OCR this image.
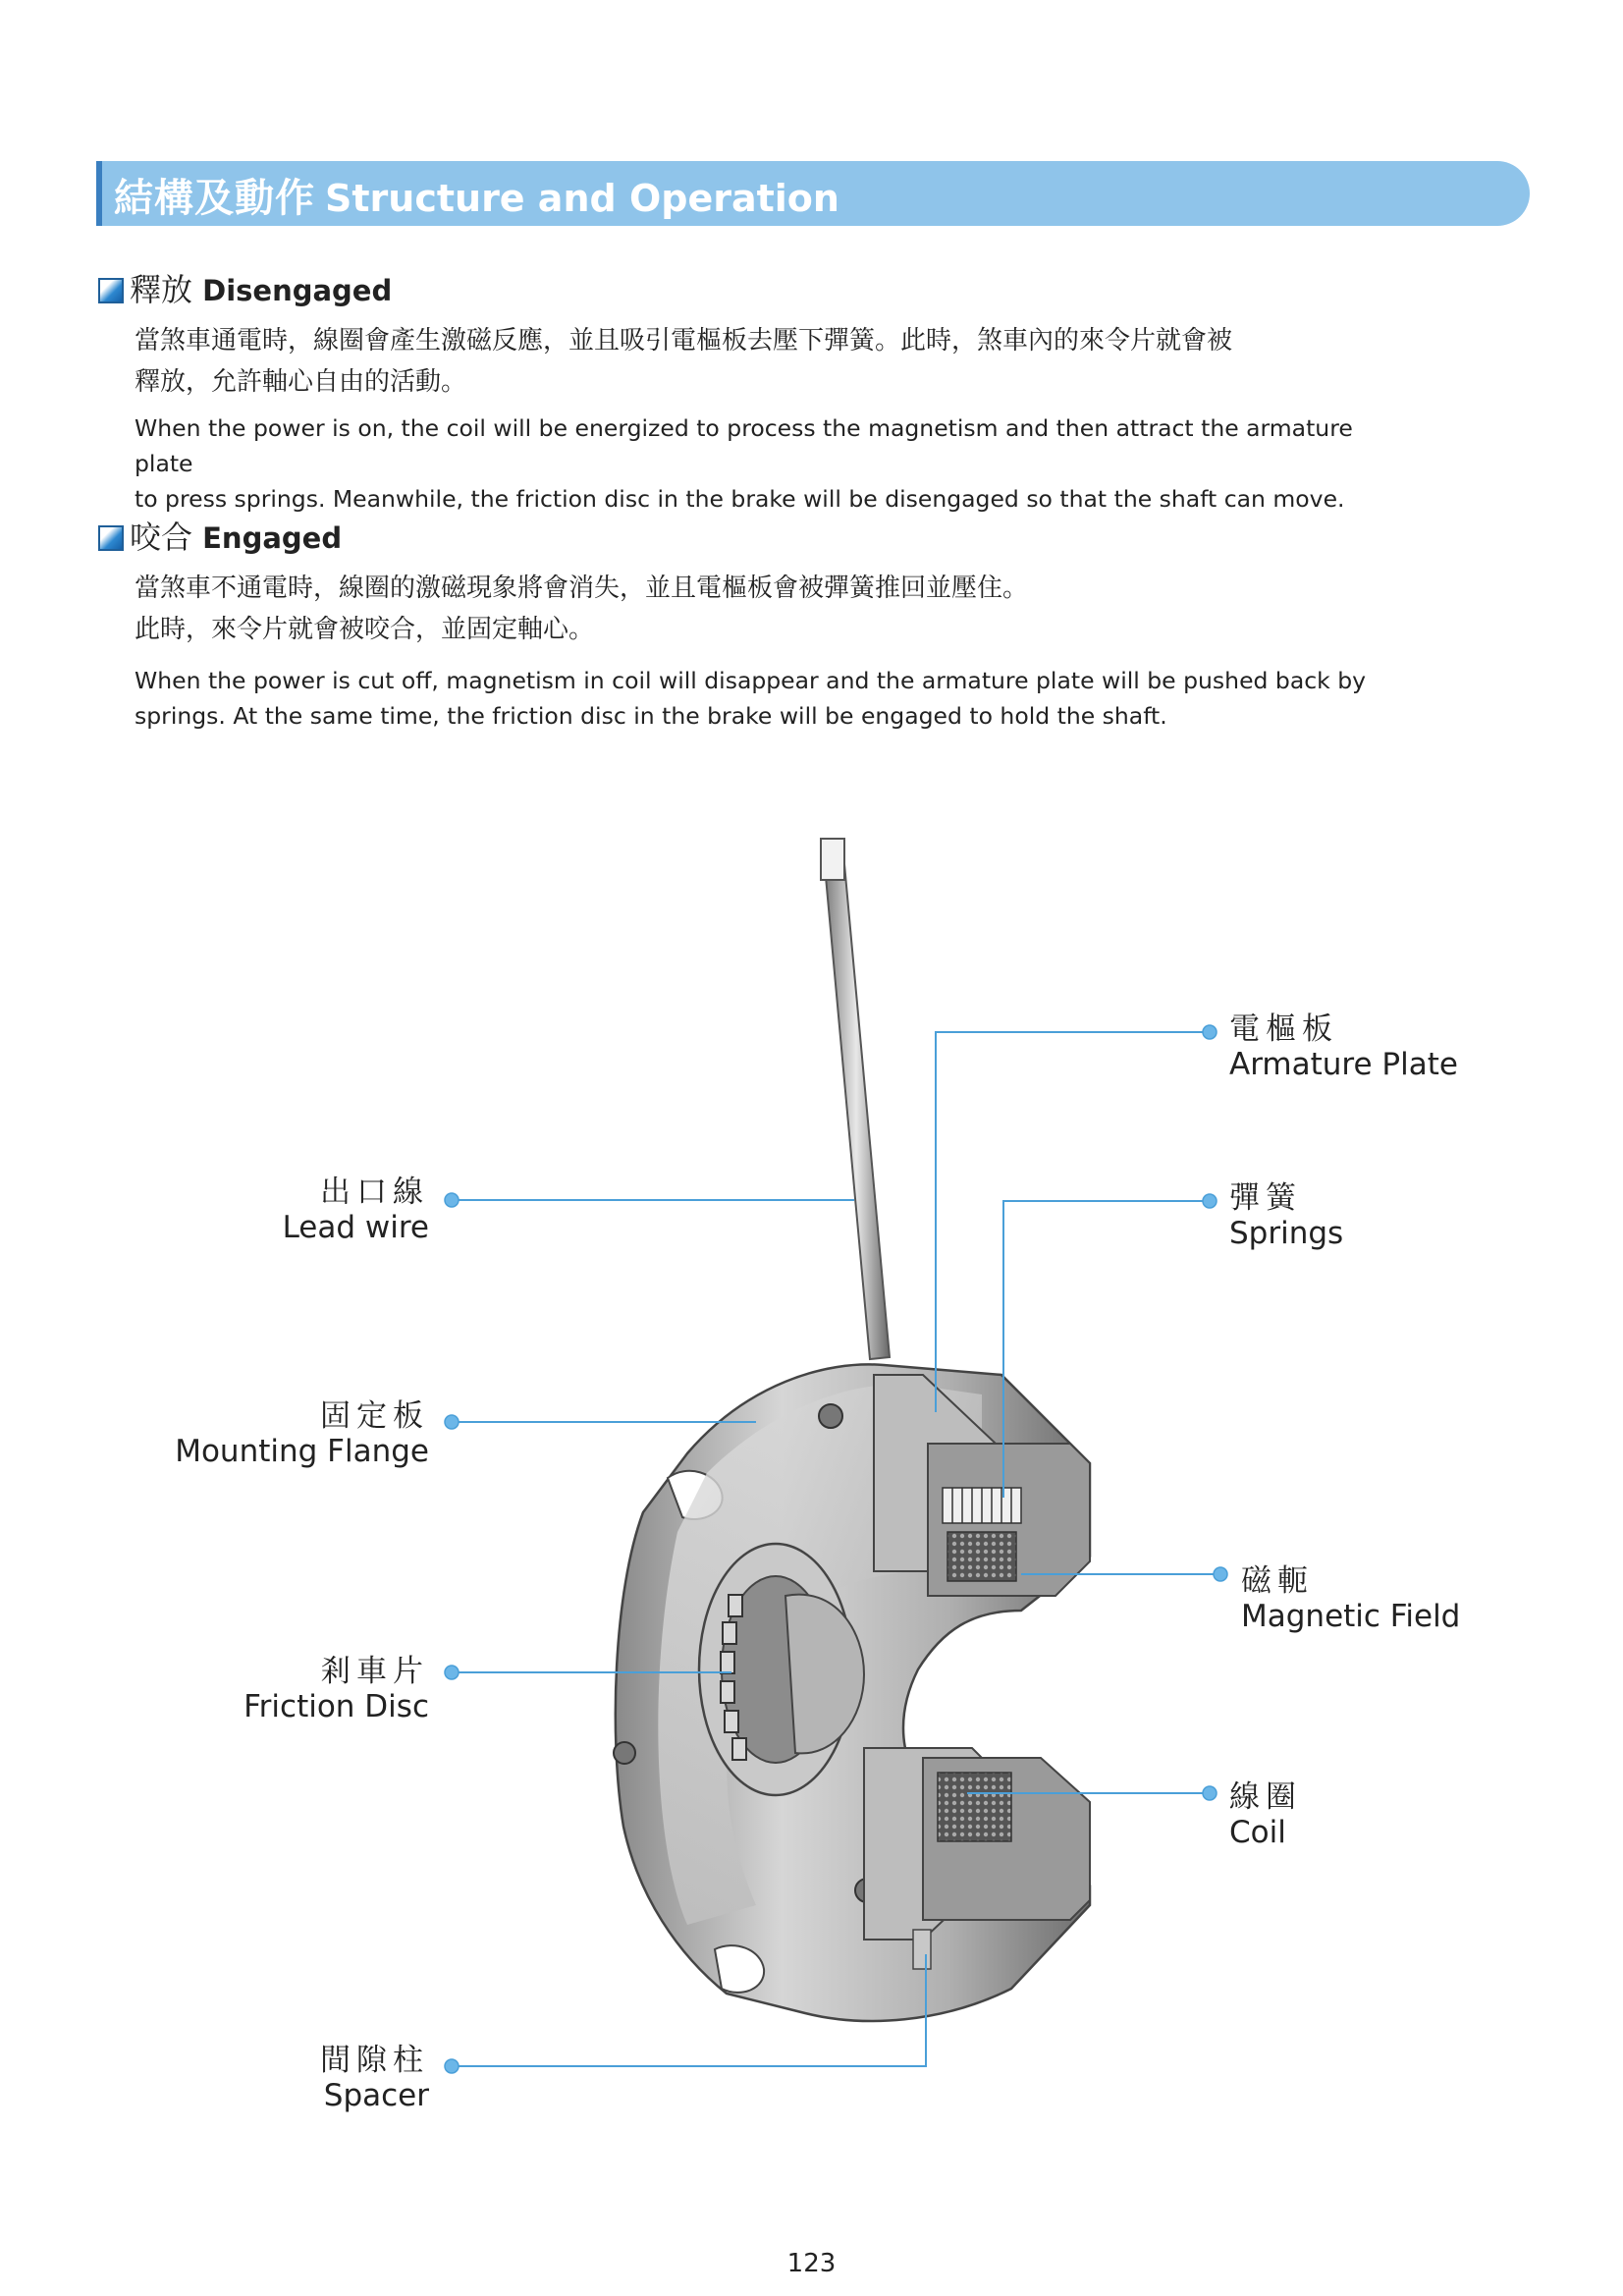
結構及動作 Structure and Operation
釋放 Disengaged
當煞車通電時，線圈會產生激磁反應，並且吸引電樞板去壓下彈簧。此時，煞車內的來令片就會被
釋放，允許軸心自由的活動。
When the power is on, the coil will be energized to process the magnetism and then attract the armature plate
to press springs. Meanwhile, the friction disc in the brake will be disengaged so that the shaft can move.
咬合 Engaged
當煞車不通電時，線圈的激磁現象將會消失，並且電樞板會被彈簧推回並壓住。
此時，來令片就會被咬合，並固定軸心。
When the power is cut off, magnetism in coil will disappear and the armature plate will be pushed back by
springs. At the same time, the friction disc in the brake will be engaged to hold the shaft.
出口線
Lead wire
固定板
Mounting Flange
剎車片
Friction Disc
間隙柱
Spacer
電樞板
Armature Plate
彈簧
Springs
磁軛
Magnetic Field
線圈
Coil
123
